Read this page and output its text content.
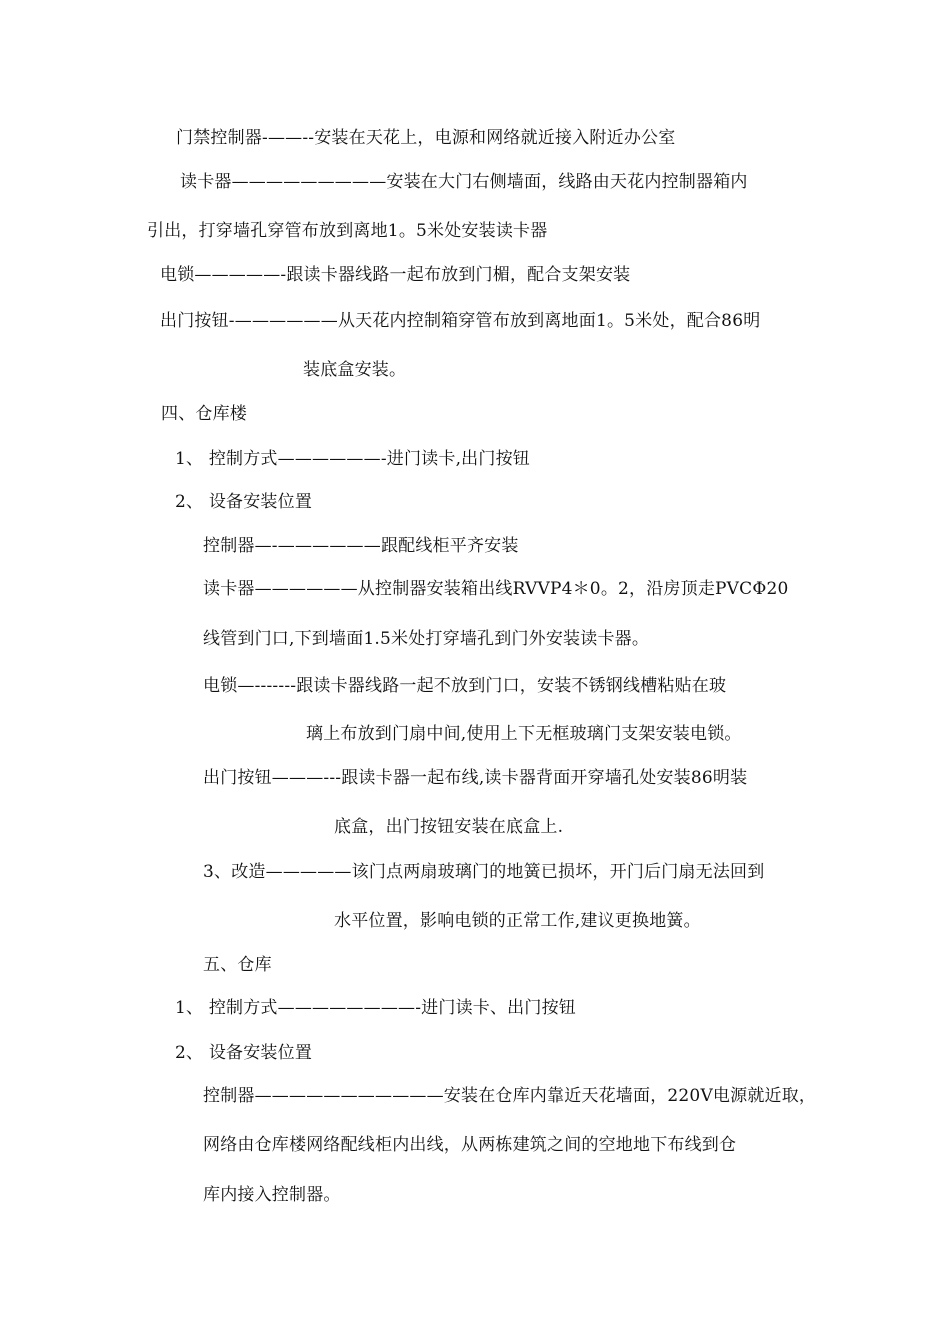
门禁控制器-——--安装在天花上，电源和网络就近接入附近办公室
读卡器—————————安装在大门右侧墙面，线路由天花内控制器箱内
引出，打穿墙孔穿管布放到离地1。5米处安装读卡器
电锁—————-跟读卡器线路一起布放到门楣，配合支架安装
出门按钮-——————从天花内控制箱穿管布放到离地面1。5米处，配合86明
装底盒安装。
四、仓库楼
1、 控制方式——————-进门读卡,出门按钮
2、 设备安装位置
控制器—-——————跟配线柜平齐安装
读卡器——————从控制器安装箱出线RVVP4＊0。2，沿房顶走PVCΦ20
线管到门口,下到墙面1.5米处打穿墙孔到门外安装读卡器。
电锁—-------跟读卡器线路一起不放到门口，安装不锈钢线槽粘贴在玻
璃上布放到门扇中间,使用上下无框玻璃门支架安装电锁。
出门按钮———---跟读卡器一起布线,读卡器背面开穿墙孔处安装86明装
底盒，出门按钮安装在底盒上.
3、改造—————该门点两扇玻璃门的地簧已损坏，开门后门扇无法回到
水平位置，影响电锁的正常工作,建议更换地簧。
五、仓库
1、 控制方式————————-进门读卡、出门按钮
2、 设备安装位置
控制器———————————安装在仓库内靠近天花墙面，220V电源就近取，
网络由仓库楼网络配线柜内出线，从两栋建筑之间的空地地下布线到仓
库内接入控制器。
